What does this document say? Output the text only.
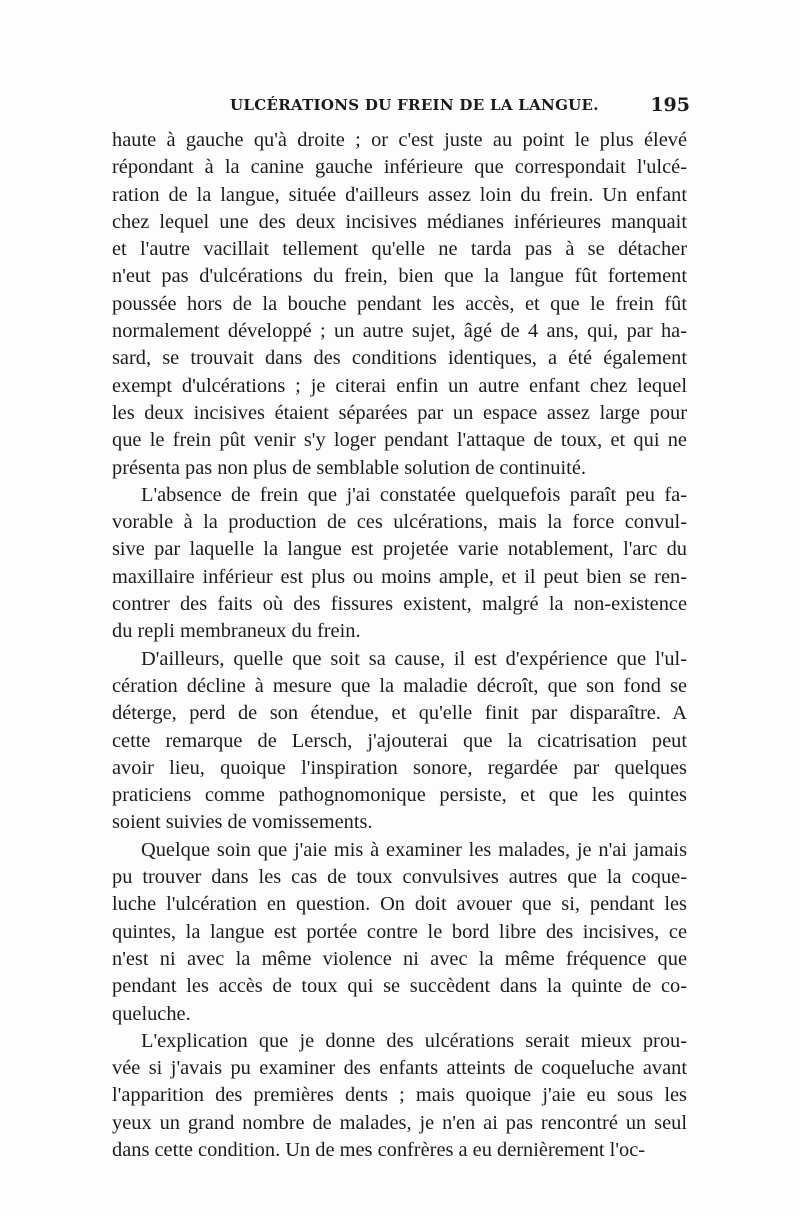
ULCÉRATIONS DU FREIN DE LA LANGUE.	195
haute à gauche qu'à droite ; or c'est juste au point le plus élevé
répondant à la canine gauche inférieure que correspondait l'ulcé-
ration de la langue, située d'ailleurs assez loin du frein. Un enfant
chez lequel une des deux incisives médianes inférieures manquait
et l'autre vacillait tellement qu'elle ne tarda pas à se détacher
n'eut pas d'ulcérations du frein, bien que la langue fût fortement
poussée hors de la bouche pendant les accès, et que le frein fût
normalement développé ; un autre sujet, âgé de 4 ans, qui, par ha-
sard, se trouvait dans des conditions identiques, a été également
exempt d'ulcérations ; je citerai enfin un autre enfant chez lequel
les deux incisives étaient séparées par un espace assez large pour
que le frein pût venir s'y loger pendant l'attaque de toux, et qui ne
présenta pas non plus de semblable solution de continuité.
L'absence de frein que j'ai constatée quelquefois paraît peu fa-
vorable à la production de ces ulcérations, mais la force convul-
sive par laquelle la langue est projetée varie notablement, l'arc du
maxillaire inférieur est plus ou moins ample, et il peut bien se ren-
contrer des faits où des fissures existent, malgré la non-existence
du repli membraneux du frein.
D'ailleurs, quelle que soit sa cause, il est d'expérience que l'ul-
cération décline à mesure que la maladie décroît, que son fond se
déterge, perd de son étendue, et qu'elle finit par disparaître. A
cette remarque de Lersch, j'ajouterai que la cicatrisation peut
avoir lieu, quoique l'inspiration sonore, regardée par quelques
praticiens comme pathognomonique persiste, et que les quintes
soient suivies de vomissements.
Quelque soin que j'aie mis à examiner les malades, je n'ai jamais
pu trouver dans les cas de toux convulsives autres que la coque-
luche l'ulcération en question. On doit avouer que si, pendant les
quintes, la langue est portée contre le bord libre des incisives, ce
n'est ni avec la même violence ni avec la même fréquence que
pendant les accès de toux qui se succèdent dans la quinte de co-
queluche.
L'explication que je donne des ulcérations serait mieux prou-
vée si j'avais pu examiner des enfants atteints de coqueluche avant
l'apparition des premières dents ; mais quoique j'aie eu sous les
yeux un grand nombre de malades, je n'en ai pas rencontré un seul
dans cette condition. Un de mes confrères a eu dernièrement l'oc-
